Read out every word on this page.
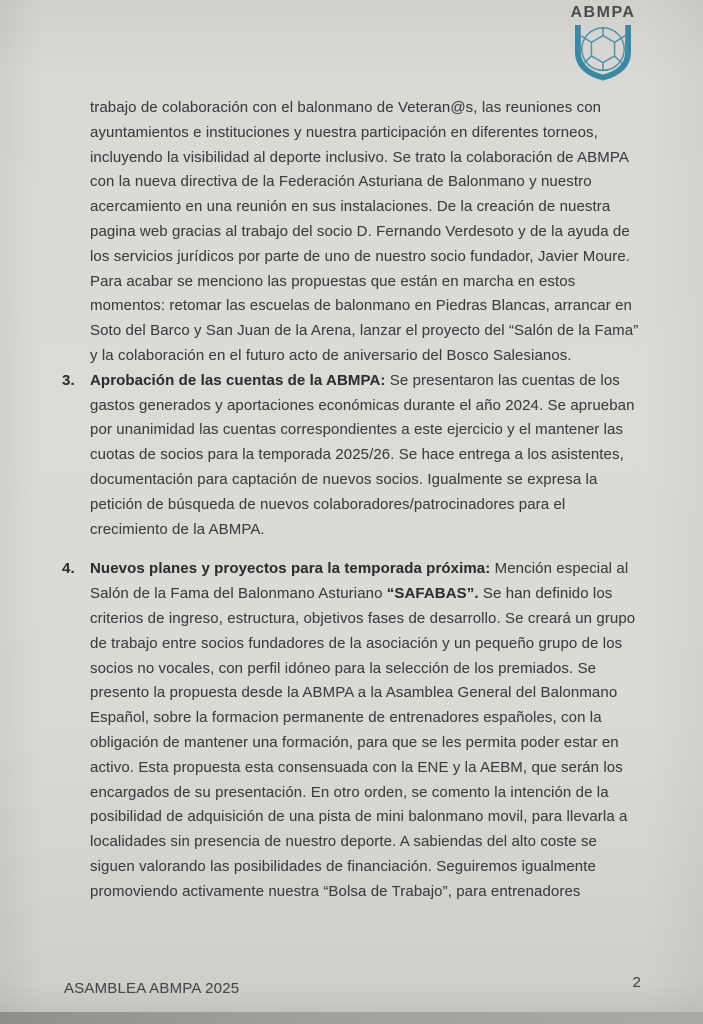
ABMPA

trabajo de colaboración con el balonmano de Veteran@s, las reuniones con ayuntamientos e instituciones y nuestra participación en diferentes torneos, incluyendo la visibilidad al deporte inclusivo. Se trato la colaboración de ABMPA con la nueva directiva de la Federación Asturiana de Balonmano y nuestro acercamiento en una reunión en sus instalaciones. De la creación de nuestra pagina web gracias al trabajo del socio D. Fernando Verdesoto y de la ayuda de los servicios jurídicos por parte de uno de nuestro socio fundador, Javier Moure. Para acabar se menciono las propuestas que están en marcha en estos momentos: retomar las escuelas de balonmano en Piedras Blancas, arrancar en Soto del Barco y San Juan de la Arena, lanzar el proyecto del “Salón de la Fama” y la colaboración en el futuro acto de aniversario del Bosco Salesianos.

3.	Aprobación de las cuentas de la ABMPA: Se presentaron las cuentas de los gastos generados y aportaciones económicas durante el año 2024. Se aprueban por unanimidad las cuentas correspondientes a este ejercicio y el mantener las cuotas de socios para la temporada 2025/26. Se hace entrega a los asistentes, documentación para captación de nuevos socios. Igualmente se expresa la petición de búsqueda de nuevos colaboradores/patrocinadores para el crecimiento de la ABMPA.

4.	Nuevos planes y proyectos para la temporada próxima: Mención especial al Salón de la Fama del Balonmano Asturiano “SAFABAS”. Se han definido los criterios de ingreso, estructura, objetivos fases de desarrollo. Se creará un grupo de trabajo entre socios fundadores de la asociación y un pequeño grupo de los socios no vocales, con perfil idóneo para la selección de los premiados. Se presento la propuesta desde la ABMPA a la Asamblea General del Balonmano Español, sobre la formacion permanente de entrenadores españoles, con la obligación de mantener una formación, para que se les permita poder estar en activo. Esta propuesta esta consensuada con la ENE y la AEBM, que serán los encargados de su presentación. En otro orden, se comento la intención de la posibilidad de adquisición de una pista de mini balonmano movil, para llevarla a localidades sin presencia de nuestro deporte. A sabiendas del alto coste se siguen valorando las posibilidades de financiación. Seguiremos igualmente promoviendo activamente nuestra “Bolsa de Trabajo”, para entrenadores

ASAMBLEA ABMPA 2025	2
